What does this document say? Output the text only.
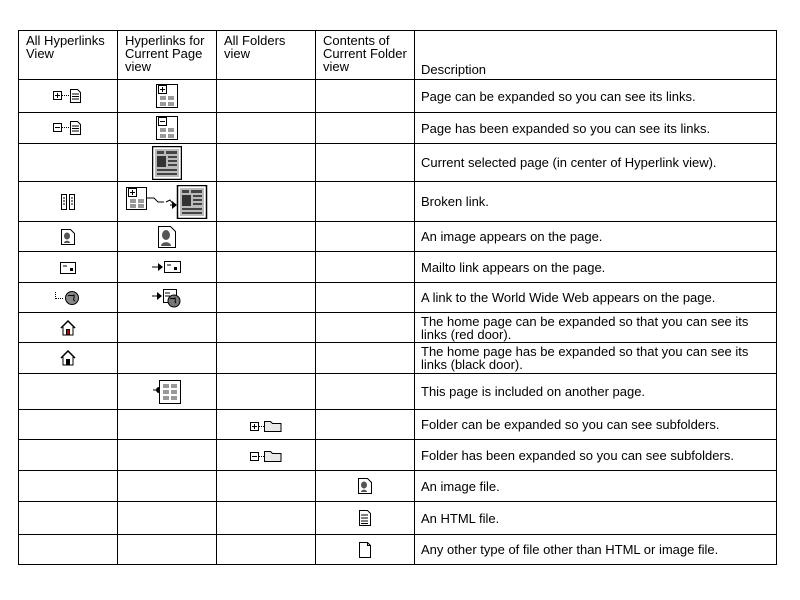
All Hyperlinks View	Hyperlinks for Current Page view	All Folders view	Contents of Current Folder view	Description
				Page can be expanded so you can see its links.
				Page has been expanded so you can see its links.
				Current selected page (in center of Hyperlink view).
				Broken link.
				An image appears on the page.
				Mailto link appears on the page.
				A link to the World Wide Web appears on the page.
				The home page can be expanded so that you can see its links (red door).
				The home page has be expanded so that you can see its links (black door).
				This page is included on another page.
				Folder can be expanded so you can see subfolders.
				Folder has been expanded so you can see subfolders.
				An image file.
				An HTML file.
				Any other type of file other than HTML or image file.
